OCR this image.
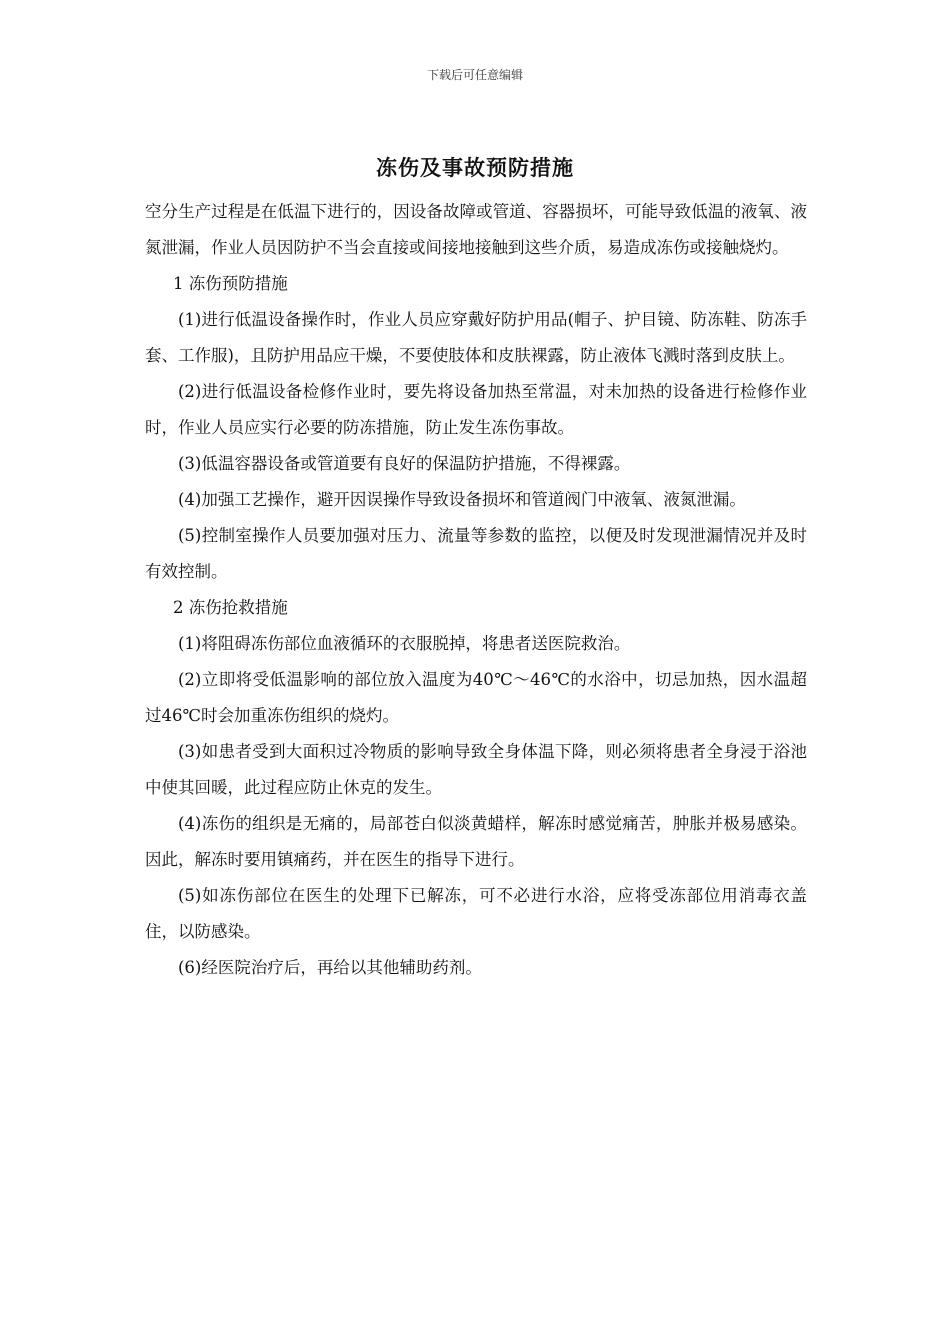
下载后可任意编辑
冻伤及事故预防措施

空分生产过程是在低温下进行的，因设备故障或管道、容器损坏，可能导致低温的液氧、液氮泄漏，作业人员因防护不当会直接或间接地接触到这些介质，易造成冻伤或接触烧灼。

1 冻伤预防措施

(1)进行低温设备操作时，作业人员应穿戴好防护用品(帽子、护目镜、防冻鞋、防冻手套、工作服)，且防护用品应干燥，不要使肢体和皮肤裸露，防止液体飞溅时落到皮肤上。

(2)进行低温设备检修作业时，要先将设备加热至常温，对未加热的设备进行检修作业时，作业人员应实行必要的防冻措施，防止发生冻伤事故。

(3)低温容器设备或管道要有良好的保温防护措施，不得裸露。

(4)加强工艺操作，避开因误操作导致设备损坏和管道阀门中液氧、液氮泄漏。

(5)控制室操作人员要加强对压力、流量等参数的监控，以便及时发现泄漏情况并及时有效控制。

2 冻伤抢救措施

(1)将阻碍冻伤部位血液循环的衣服脱掉，将患者送医院救治。

(2)立即将受低温影响的部位放入温度为40℃～46℃的水浴中，切忌加热，因水温超过46℃时会加重冻伤组织的烧灼。

(3)如患者受到大面积过冷物质的影响导致全身体温下降，则必须将患者全身浸于浴池中使其回暖，此过程应防止休克的发生。

(4)冻伤的组织是无痛的，局部苍白似淡黄蜡样，解冻时感觉痛苦，肿胀并极易感染。因此，解冻时要用镇痛药，并在医生的指导下进行。

(5)如冻伤部位在医生的处理下已解冻，可不必进行水浴，应将受冻部位用消毒衣盖住，以防感染。

(6)经医院治疗后，再给以其他辅助药剂。
